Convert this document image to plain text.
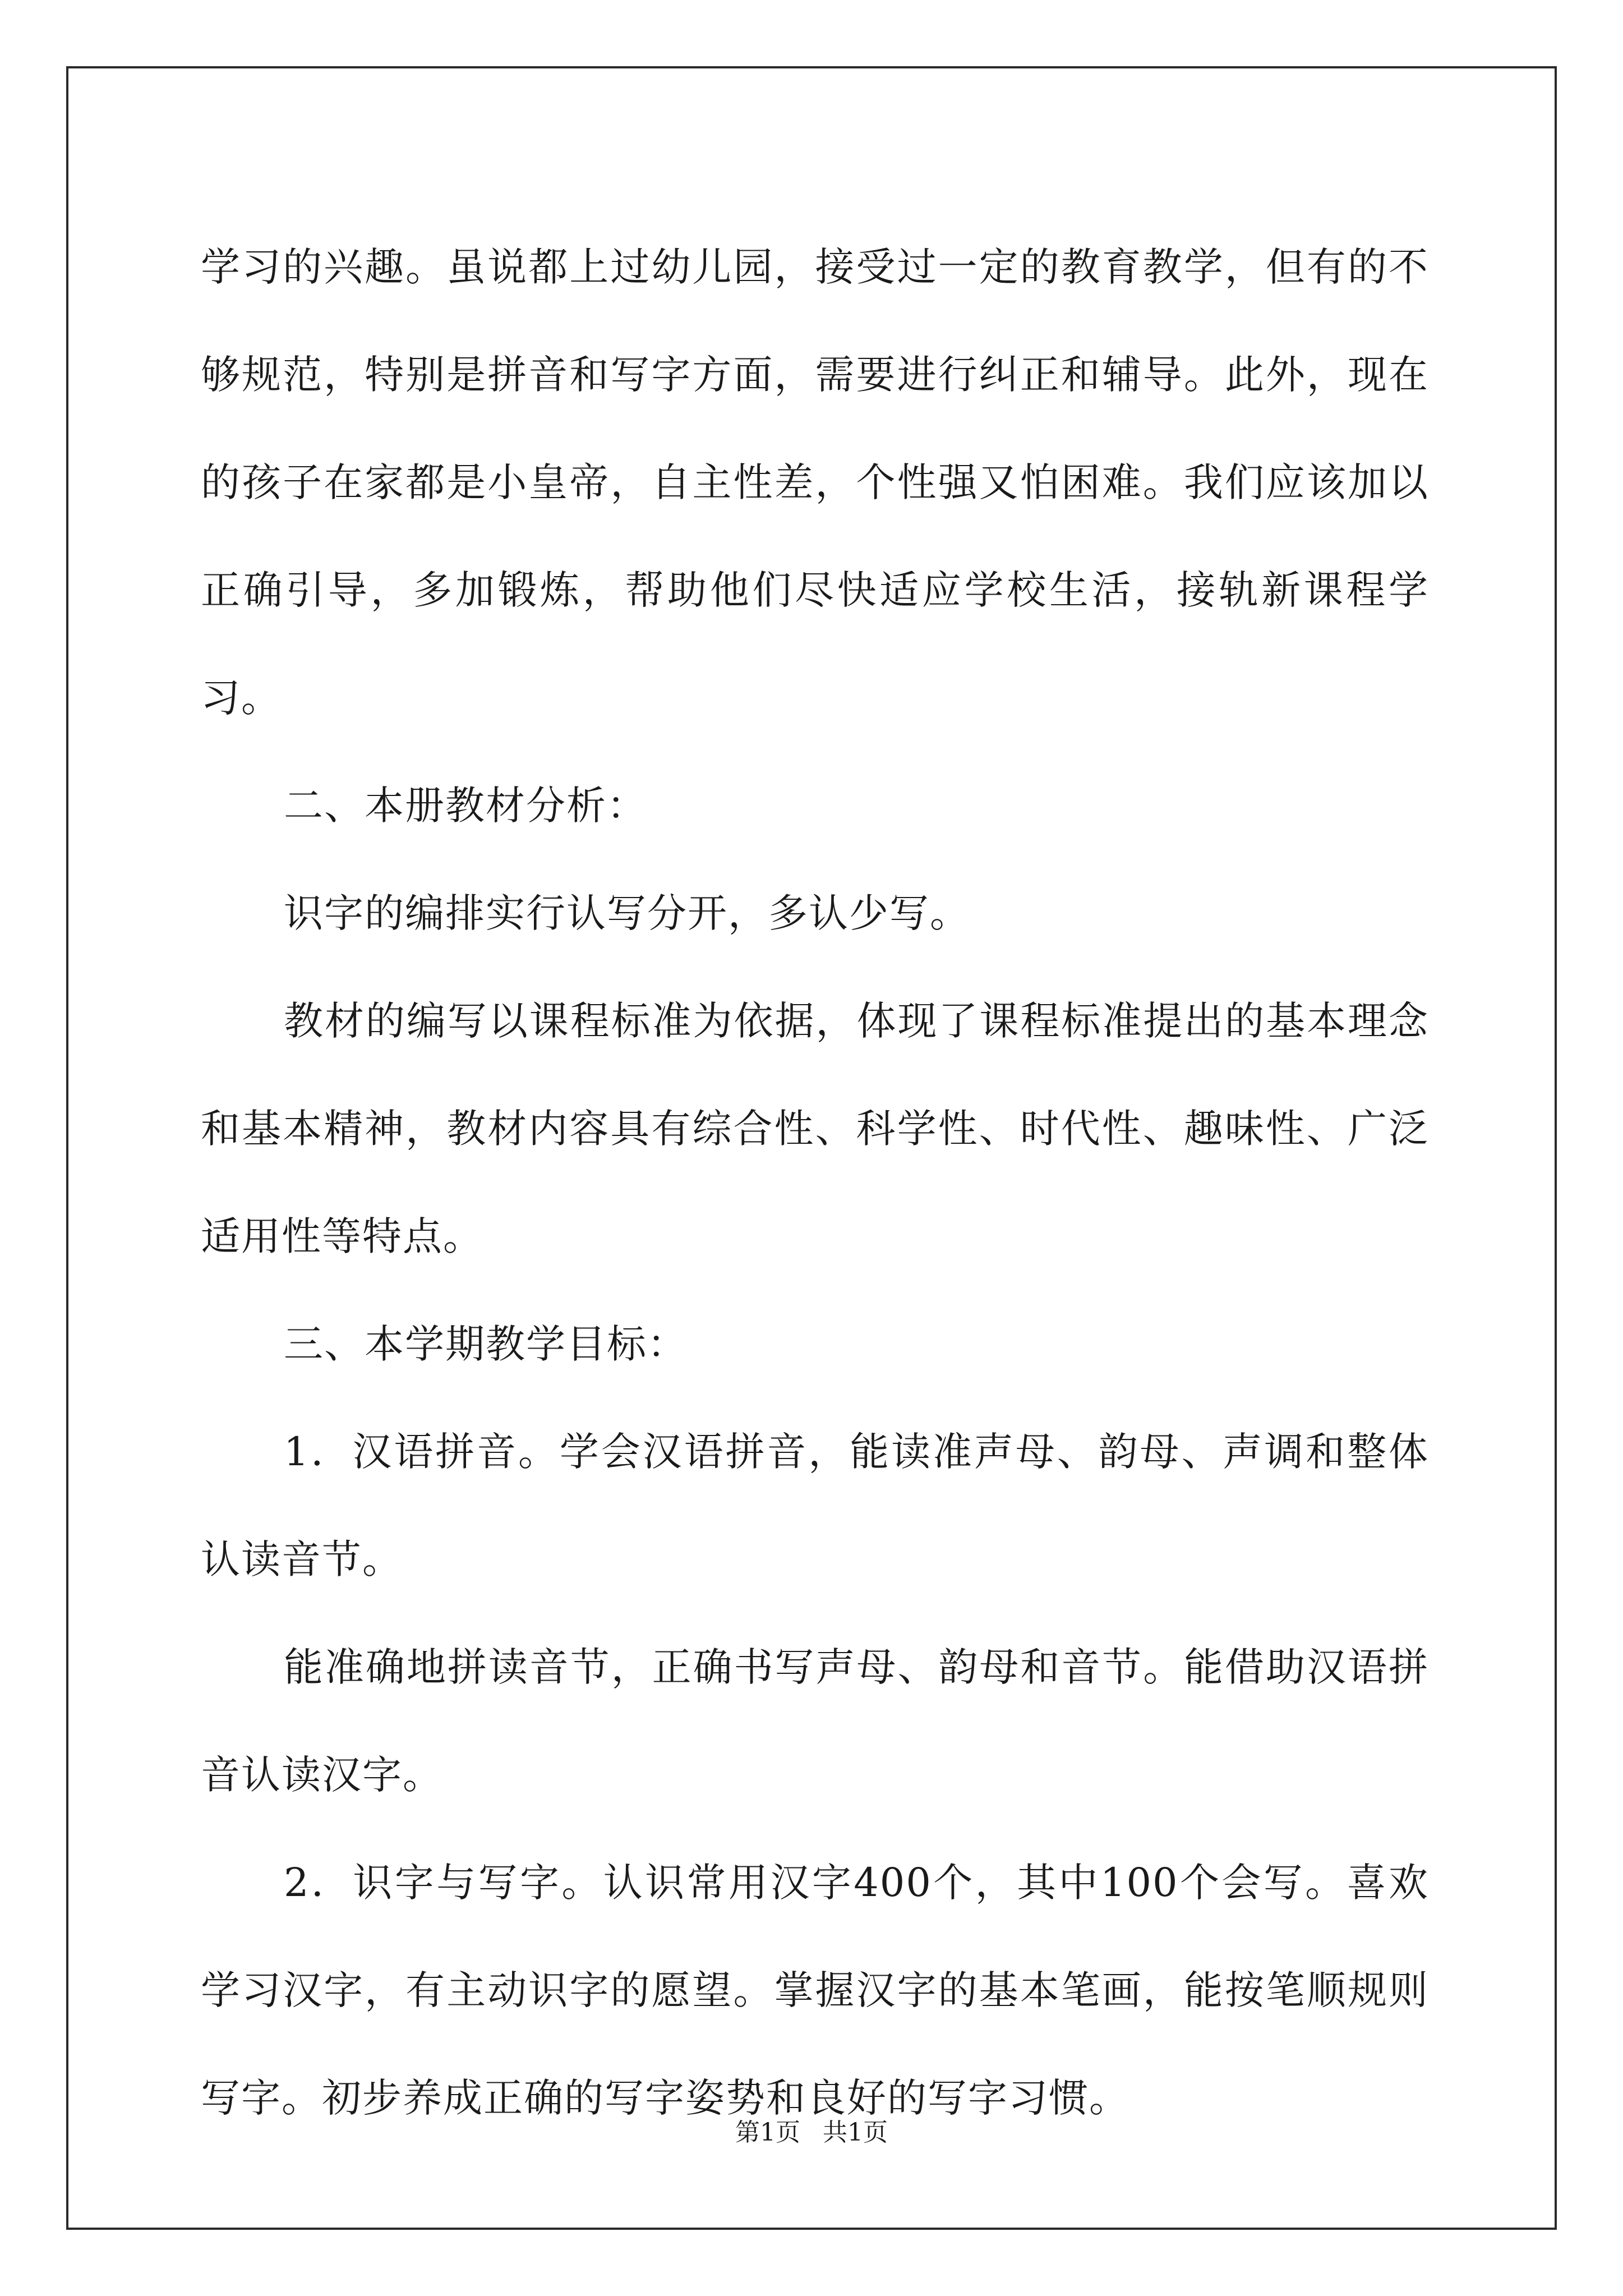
学习的兴趣。虽说都上过幼儿园，接受过一定的教育教学，但有的不够规范，特别是拼音和写字方面，需要进行纠正和辅导。此外，现在的孩子在家都是小皇帝，自主性差，个性强又怕困难。我们应该加以正确引导，多加锻炼，帮助他们尽快适应学校生活，接轨新课程学习。

二、本册教材分析：

识字的编排实行认写分开，多认少写。

教材的编写以课程标准为依据，体现了课程标准提出的基本理念和基本精神，教材内容具有综合性、科学性、时代性、趣味性、广泛适用性等特点。

三、本学期教学目标：

1．汉语拼音。学会汉语拼音，能读准声母、韵母、声调和整体认读音节。

能准确地拼读音节，正确书写声母、韵母和音节。能借助汉语拼音认读汉字。

2．识字与写字。认识常用汉字400个，其中100个会写。喜欢学习汉字，有主动识字的愿望。掌握汉字的基本笔画，能按笔顺规则写字。初步养成正确的写字姿势和良好的写字习惯。

第1页 共1页
